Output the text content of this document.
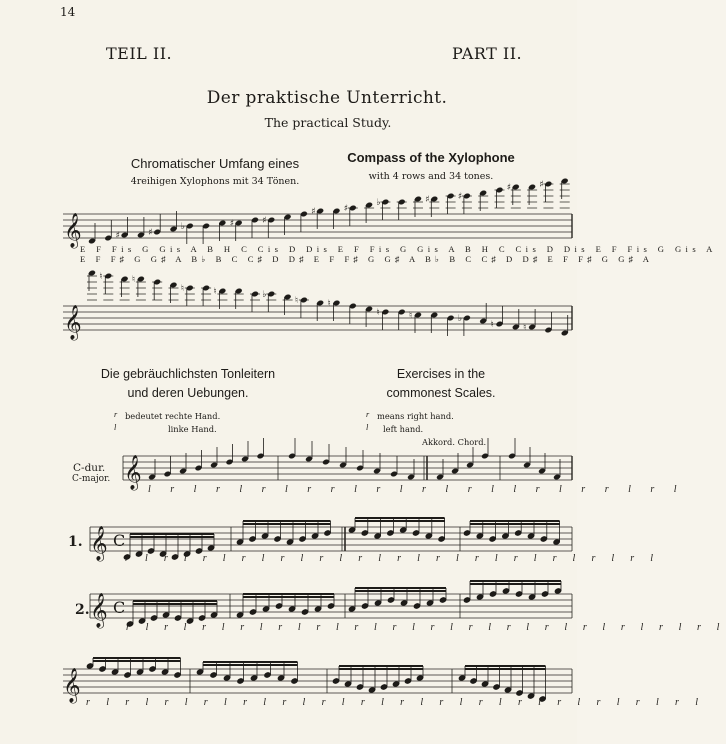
14
TEIL II.	PART II.
Der praktische Unterricht.
The practical Study.
Chromatischer Umfang eines
4reihigen Xylophons mit 34 Tönen.
Compass of the Xylophone
with 4 rows and 34 tones.
𝄞	♯	♯
♭	♯	♯
♯	♯
♭	♯	♯
♯	♯
E F Fis G Gis A B H C Cis D Dis E F Fis G Gis A B H C Cis D Dis E F Fis G Gis A
E F F♯ G G♯ A B♭ B C C♯ D D♯ E F F♯ G G♯ A B♭ B C C♯ D D♯ E F F♯ G G♯ A
𝄞
♮	♮
♮	♮	♭
♮	♮
♮	♮	♭
♮	♮
Die gebräuchlichsten Tonleitern
und deren Uebungen.
Exercises in the
commonest Scales.
r bedeutet rechte Hand.
l	linke Hand.
r means right hand.
l left hand.
Akkord. Chord.
C-dur.
C-major. 𝄞 l r l r l r l r r l r l r l r l l r l r r l r l
1. 𝄞 C
r l r l r l r l r l r l r l r l r l r l r l r l r l r l
2. 𝄞 C
r l r l r l r l r l r l r l r l r l r l r l r l r l r l r l r l
𝄞 r l r l r l r l r l r l r l r l r l r l r l r l r l r l r l r l
